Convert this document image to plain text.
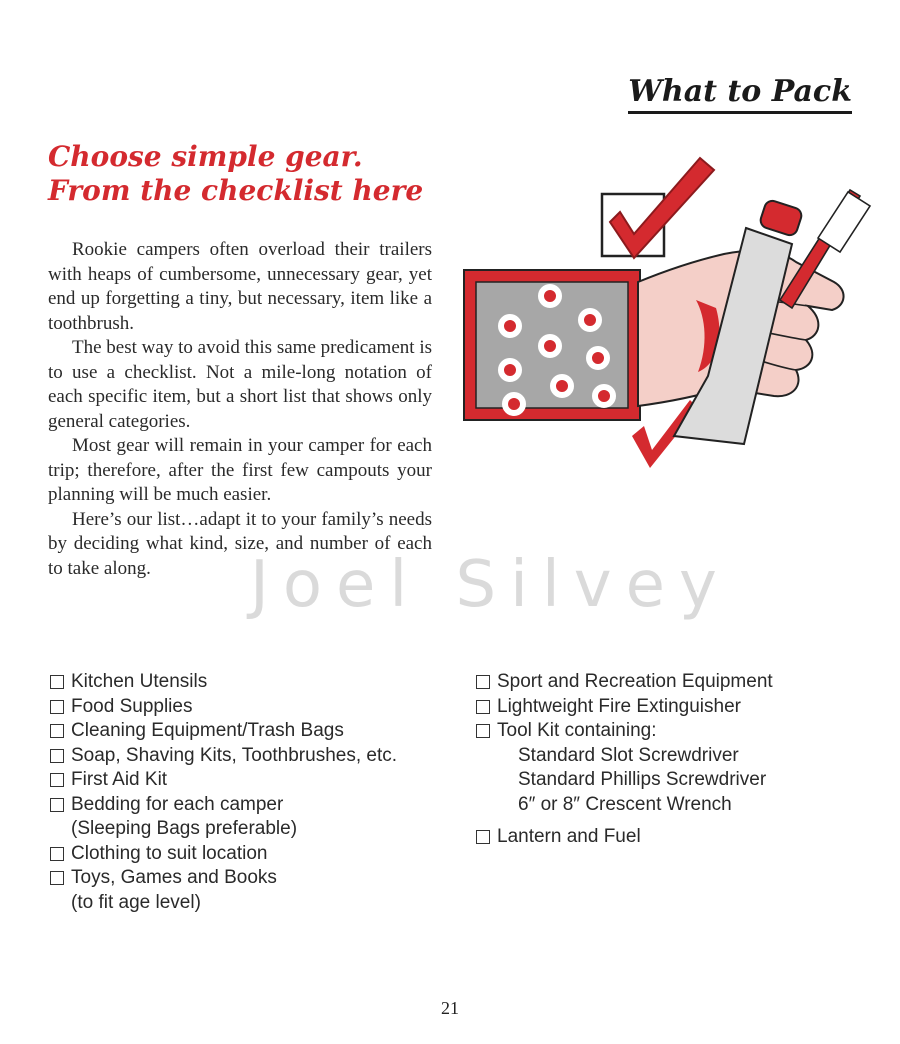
What to Pack
Choose simple gear.
From the checklist here

Rookie campers often overload their trailers with heaps of cumbersome, unnecessary gear, yet end up forgetting a tiny, but necessary, item like a toothbrush.

The best way to avoid this same predicament is to use a checklist. Not a mile-long notation of each specific item, but a short list that shows only general categories.

Most gear will remain in your camper for each trip; therefore, after the first few campouts your planning will be much easier.

Here’s our list…adapt it to your family’s needs by deciding what kind, size, and number of each to take along.	Joel Silvey

Kitchen Utensils
Food Supplies
Cleaning Equipment/Trash Bags
Soap, Shaving Kits, Toothbrushes, etc.
First Aid Kit
Bedding for each camper
(Sleeping Bags preferable)
Clothing to suit location
Toys, Games and Books
(to fit age level)
Sport and Recreation Equipment
Lightweight Fire Extinguisher
Tool Kit containing:
Standard Slot Screwdriver
Standard Phillips Screwdriver
6″ or 8″ Crescent Wrench
Lantern and Fuel

21
